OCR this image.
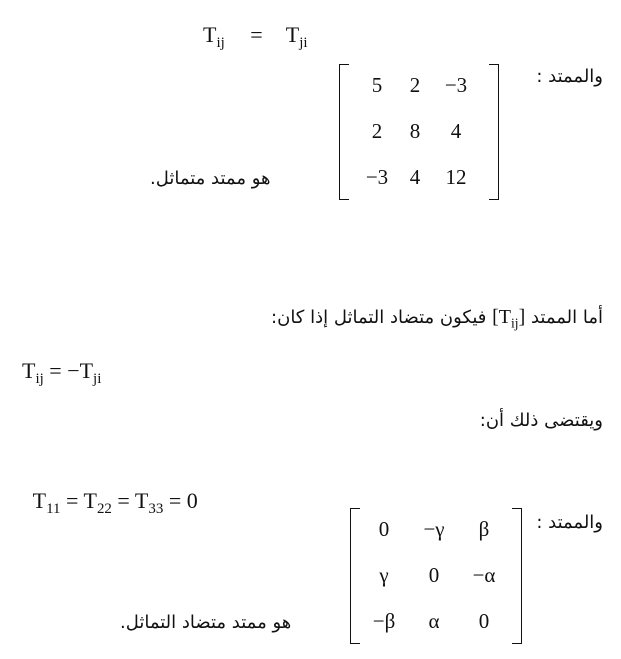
$T_{ij} = T_{ji}$
والممتد :
5	2	−3
2	8	4
−3	4	12
هو ممتد متماثل.
أما الممتد $[T_{ij}]$ فيكون متضاد التماثل إذا كان:
$T_{ij} = -T_{ji}$
ويقتضى ذلك أن:

$T_{11} = T_{22} = T_{33} = 0$

والممتد :
0	−γ	β
γ	0	−α
−β	α	0
هو ممتد متضاد التماثل.
